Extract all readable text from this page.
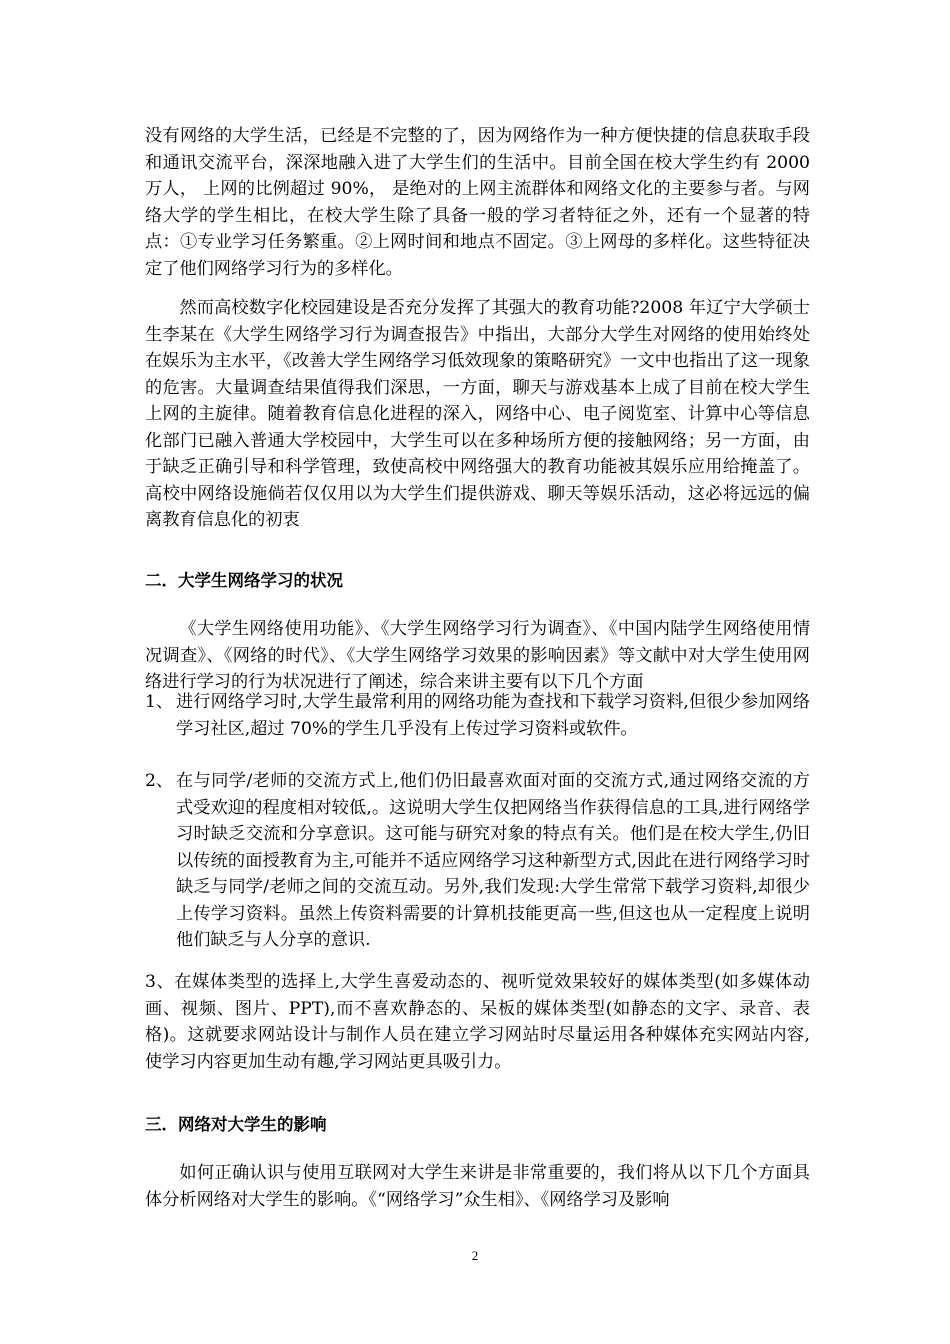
没有网络的大学生活，已经是不完整的了，因为网络作为一种方便快捷的信息获取手段和通讯交流平台，深深地融入进了大学生们的生活中。目前全国在校大学生约有 2000 万人， 上网的比例超过 90%， 是绝对的上网主流群体和网络文化的主要参与者。与网络大学的学生相比，在校大学生除了具备一般的学习者特征之外，还有一个显著的特点：①专业学习任务繁重。②上网时间和地点不固定。③上网母的多样化。这些特征决定了他们网络学习行为的多样化。

然而高校数字化校园建设是否充分发挥了其强大的教育功能?2008 年辽宁大学硕士生李某在《大学生网络学习行为调查报告》中指出，大部分大学生对网络的使用始终处在娱乐为主水平，《改善大学生网络学习低效现象的策略研究》一文中也指出了这一现象的危害。大量调查结果值得我们深思，一方面，聊天与游戏基本上成了目前在校大学生上网的主旋律。随着教育信息化进程的深入，网络中心、电子阅览室、计算中心等信息化部门已融入普通大学校园中，大学生可以在多种场所方便的接触网络；另一方面，由于缺乏正确引导和科学管理，致使高校中网络强大的教育功能被其娱乐应用给掩盖了。高校中网络设施倘若仅仅用以为大学生们提供游戏、聊天等娱乐活动，这必将远远的偏离教育信息化的初衷

二．大学生网络学习的状况

《大学生网络使用功能》、《大学生网络学习行为调查》、《中国内陆学生网络使用情况调查》、《网络的时代》、《大学生网络学习效果的影响因素》等文献中对大学生使用网络进行学习的行为状况进行了阐述，综合来讲主要有以下几个方面

1、 进行网络学习时,大学生最常利用的网络功能为查找和下载学习资料,但很少参加网络学习社区,超过 70%的学生几乎没有上传过学习资料或软件。
2、 在与同学/老师的交流方式上,他们仍旧最喜欢面对面的交流方式,通过网络交流的方式受欢迎的程度相对较低,。这说明大学生仅把网络当作获得信息的工具,进行网络学习时缺乏交流和分享意识。这可能与研究对象的特点有关。他们是在校大学生,仍旧以传统的面授教育为主,可能并不适应网络学习这种新型方式,因此在进行网络学习时缺乏与同学/老师之间的交流互动。另外,我们发现:大学生常常下载学习资料,却很少上传学习资料。虽然上传资料需要的计算机技能更高一些,但这也从一定程度上说明他们缺乏与人分享的意识.

3、在媒体类型的选择上,大学生喜爱动态的、视听觉效果较好的媒体类型(如多媒体动画、视频、图片、PPT),而不喜欢静态的、呆板的媒体类型(如静态的文字、录音、表格)。这就要求网站设计与制作人员在建立学习网站时尽量运用各种媒体充实网站内容,使学习内容更加生动有趣,学习网站更具吸引力。

三．网络对大学生的影响

如何正确认识与使用互联网对大学生来讲是非常重要的，我们将从以下几个方面具体分析网络对大学生的影响。《“网络学习”众生相》、《网络学习及影响

2
